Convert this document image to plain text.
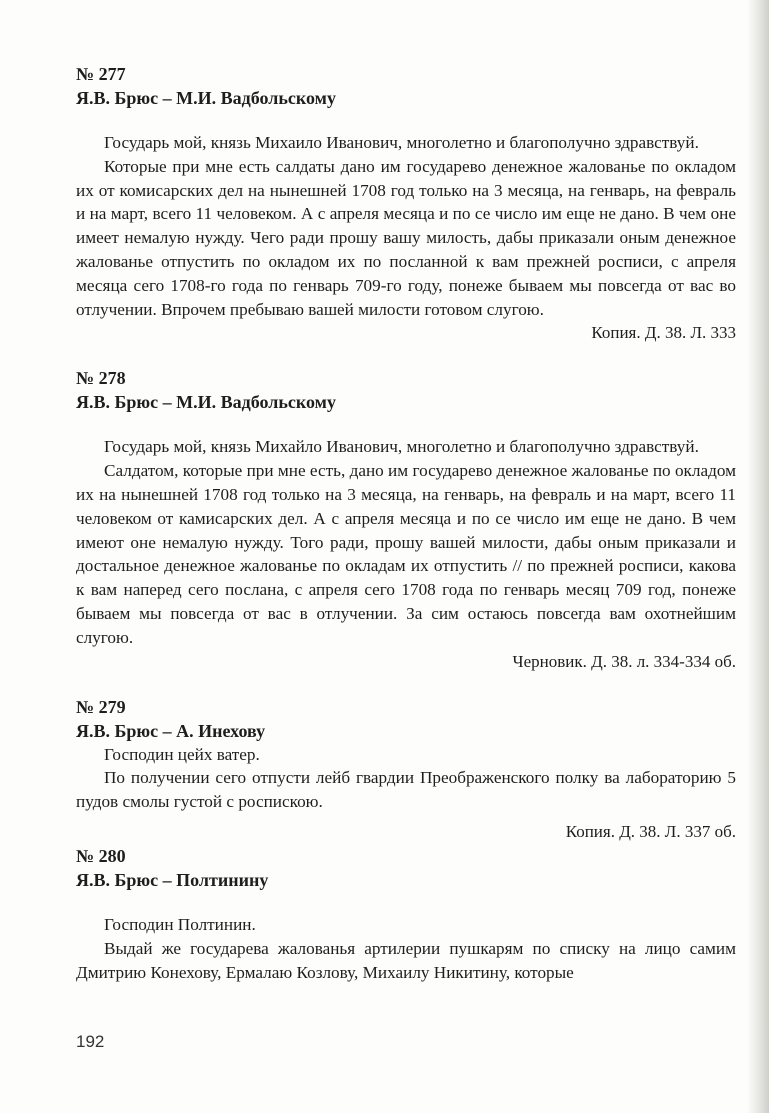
№ 277

Я.В. Брюс – М.И. Вадбольскому

Государь мой, князь Михаило Иванович, многолетно и благополучно здравствуй.

Которые при мне есть салдаты дано им государево денежное жалованье по окладом их от комисарских дел на нынешней 1708 год только на 3 месяца, на генварь, на февраль и на март, всего 11 человеком. А с апреля месяца и по се число им еще не дано. В чем оне имеет немалую нужду. Чего ради прошу вашу милость, дабы приказали оным денежное жалованье отпустить по окладом их по посланной к вам прежней росписи, с апреля месяца сего 1708-го года по генварь 709-го году, понеже бываем мы повсегда от вас во отлучении. Впрочем пребываю вашей милости готовом слугою.

Копия. Д. 38. Л. 333

№ 278

Я.В. Брюс – М.И. Вадбольскому

Государь мой, князь Михайло Иванович, многолетно и благополучно здравствуй.

Салдатом, которые при мне есть, дано им государево денежное жалованье по окладом их на нынешней 1708 год только на 3 месяца, на генварь, на февраль и на март, всего 11 человеком от камисарских дел. А с апреля месяца и по се число им еще не дано. В чем имеют оне немалую нужду. Того ради, прошу вашей милости, дабы оным приказали и достальное денежное жалованье по окладам их отпустить // по прежней росписи, какова к вам наперед сего послана, с апреля сего 1708 года по генварь месяц 709 год, понеже бываем мы повсегда от вас в отлучении. За сим остаюсь повсегда вам охотнейшим слугою.

Черновик. Д. 38. л. 334-334 об.

№ 279

Я.В. Брюс – А. Инехову

Господин цейх ватер.

По получении сего отпусти лейб гвардии Преображенского полку ва лабораторию 5 пудов смолы густой с роспискою.

Копия. Д. 38. Л. 337 об.

№ 280

Я.В. Брюс – Полтинину

Господин Полтинин.

Выдай же государева жалованья артилерии пушкарям по списку на лицо самим Дмитрию Конехову, Ермалаю Козлову, Михаилу Никитину, которые

192
